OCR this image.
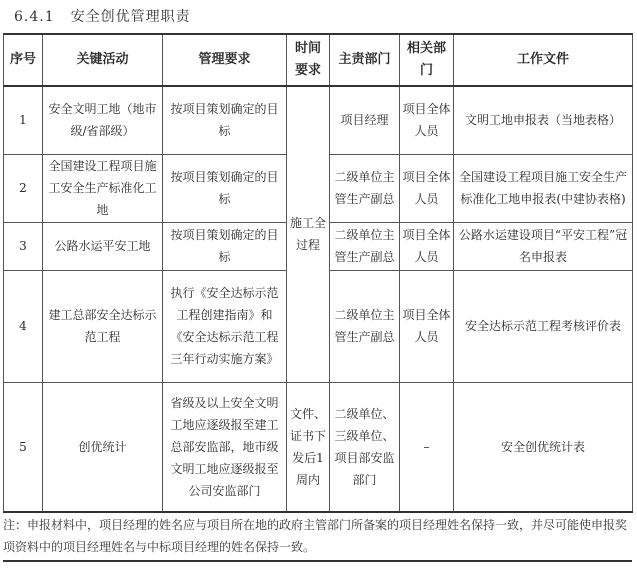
6.4.1 安全创优管理职责
序号	关键活动	管理要求	时间要求	主责部门	相关部门	工作文件
1	安全文明工地（地市级/省部级）	按项目策划确定的目标	施工全过程	项目经理	项目全体人员	文明工地申报表（当地表格）
2	全国建设工程项目施工安全生产标准化工地	按项目策划确定的目标		二级单位主管生产副总	项目全体人员	全国建设工程项目施工安全生产标准化工地申报表(中建协表格)
3	公路水运平安工地	按项目策划确定的目标		二级单位主管生产副总	项目全体人员	公路水运建设项目“平安工程”冠名申报表
4	建工总部安全达标示范工程	执行《安全达标示范工程创建指南》和《安全达标示范工程三年行动实施方案》		二级单位主管生产副总	项目全体人员	安全达标示范工程考核评价表
5	创优统计	省级及以上安全文明工地应逐级报至建工总部安监部，地市级文明工地应逐级报至公司安监部门	文件、证书下发后1周内	二级单位、三级单位、项目部安监部门	–	安全创优统计表
注：申报材料中，项目经理的姓名应与项目所在地的政府主管部门所备案的项目经理姓名保持一致，并尽可能使申报奖项资料中的项目经理姓名与中标项目经理的姓名保持一致。
